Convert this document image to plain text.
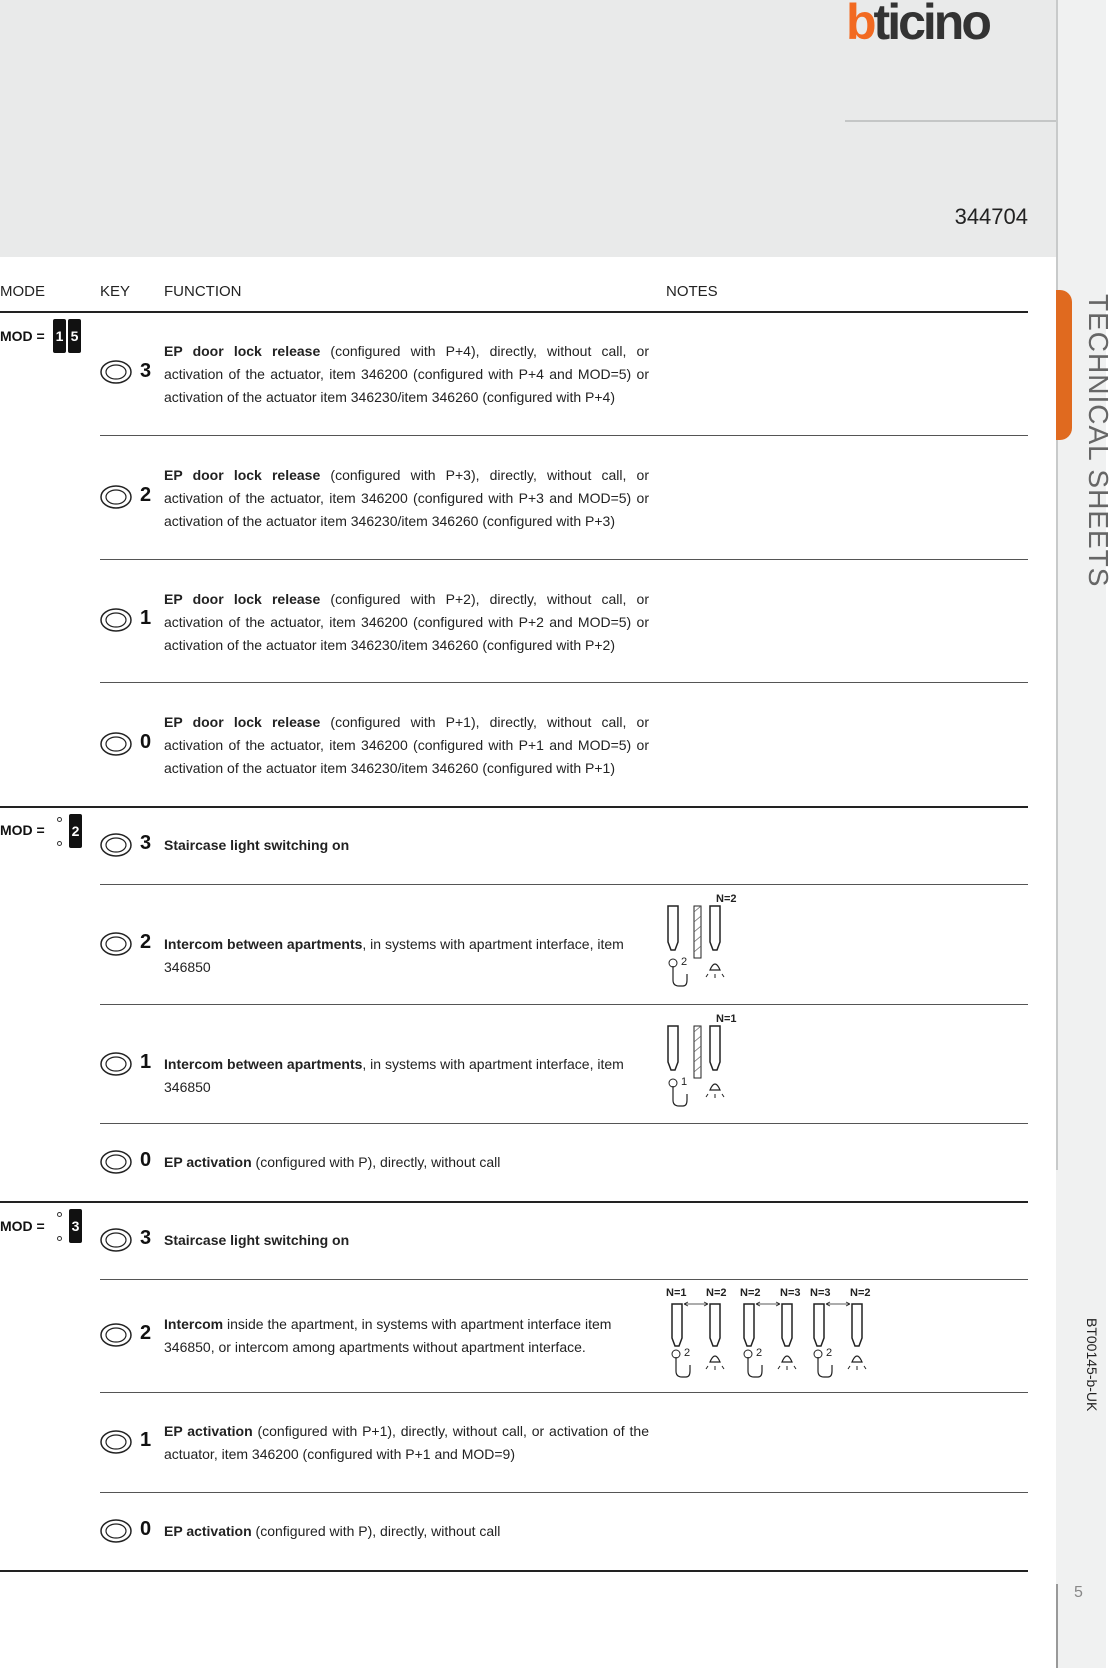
bticino
344704
TECHNICAL SHEETS
BT00145-b-UK
5
MODE	KEY FUNCTION	NOTES
MOD = 1 5
3
EP door lock release (configured with P+4), directly, without call, or activation of the actuator, item 346200 (configured with P+4 and MOD=5) or activation of the actuator item 346230/item 346260 (configured with P+4)
2
EP door lock release (configured with P+3), directly, without call, or activation of the actuator, item 346200 (configured with P+3 and MOD=5) or activation of the actuator item 346230/item 346260 (configured with P+3)
1
EP door lock release (configured with P+2), directly, without call, or activation of the actuator, item 346200 (configured with P+2 and MOD=5) or activation of the actuator item 346230/item 346260 (configured with P+2)
0
EP door lock release (configured with P+1), directly, without call, or activation of the actuator, item 346200 (configured with P+1 and MOD=5) or activation of the actuator item 346230/item 346260 (configured with P+1)
MOD = 2
3 Staircase light switching on
2 Intercom between apartments, in systems with apartment interface, item 346850
N=2
2
1 Intercom between apartments, in systems with apartment interface, item 346850
N=1
1
0 EP activation (configured with P), directly, without call
MOD = 3
3 Staircase light switching on
2 Intercom inside the apartment, in systems with apartment interface item 346850, or intercom among apartments without apartment interface.
N=1 N=2
2
N=2 N=3
2
N=3 N=2
2
1 EP activation (configured with P+1), directly, without call, or activation of the actuator, item 346200 (configured with P+1 and MOD=9)
0 EP activation (configured with P), directly, without call
